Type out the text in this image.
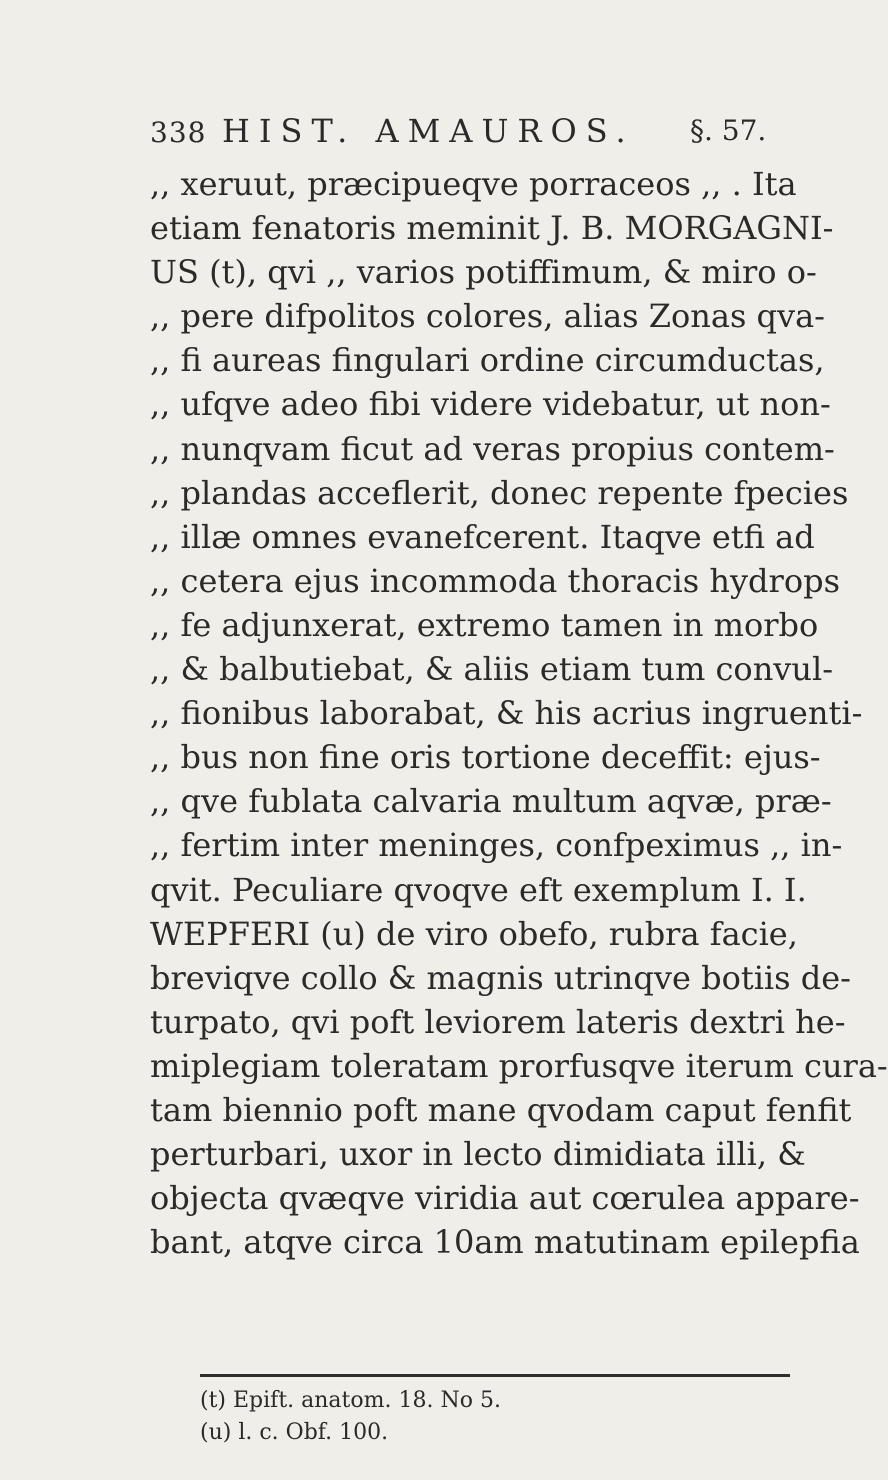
338 HIST. AMAUROS. §. 57.
,, xeruut, præcipueqve porraceos ,, . Ita
etiam fenatoris meminit J. B. MORGAGNI-
US (t), qvi ,, varios potiffimum, & miro o-
,, pere difpolitos colores, alias Zonas qva-
,, fi aureas fingulari ordine circumductas,
,, ufqve adeo fibi videre videbatur, ut non-
,, nunqvam ficut ad veras propius contem-
,, plandas acceflerit, donec repente fpecies
,, illæ omnes evanefcerent. Itaqve etfi ad
,, cetera ejus incommoda thoracis hydrops
,, fe adjunxerat, extremo tamen in morbo
,, & balbutiebat, & aliis etiam tum convul-
,, fionibus laborabat, & his acrius ingruenti-
,, bus non fine oris tortione deceffit: ejus-
,, qve fublata calvaria multum aqvæ, præ-
,, fertim inter meninges, confpeximus ,, in-
qvit. Peculiare qvoqve eft exemplum I. I.
WEPFERI (u) de viro obefo, rubra facie,
breviqve collo & magnis utrinqve botiis de-
turpato, qvi poft leviorem lateris dextri he-
miplegiam toleratam prorfusqve iterum cura-
tam biennio poft mane qvodam caput fenfit
perturbari, uxor in lecto dimidiata illi, &
objecta qvæqve viridia aut cœrulea appare-
bant, atqve circa 10am matutinam epilepfia
(t) Epift. anatom. 18. No 5.
(u) l. c. Obf. 100.
